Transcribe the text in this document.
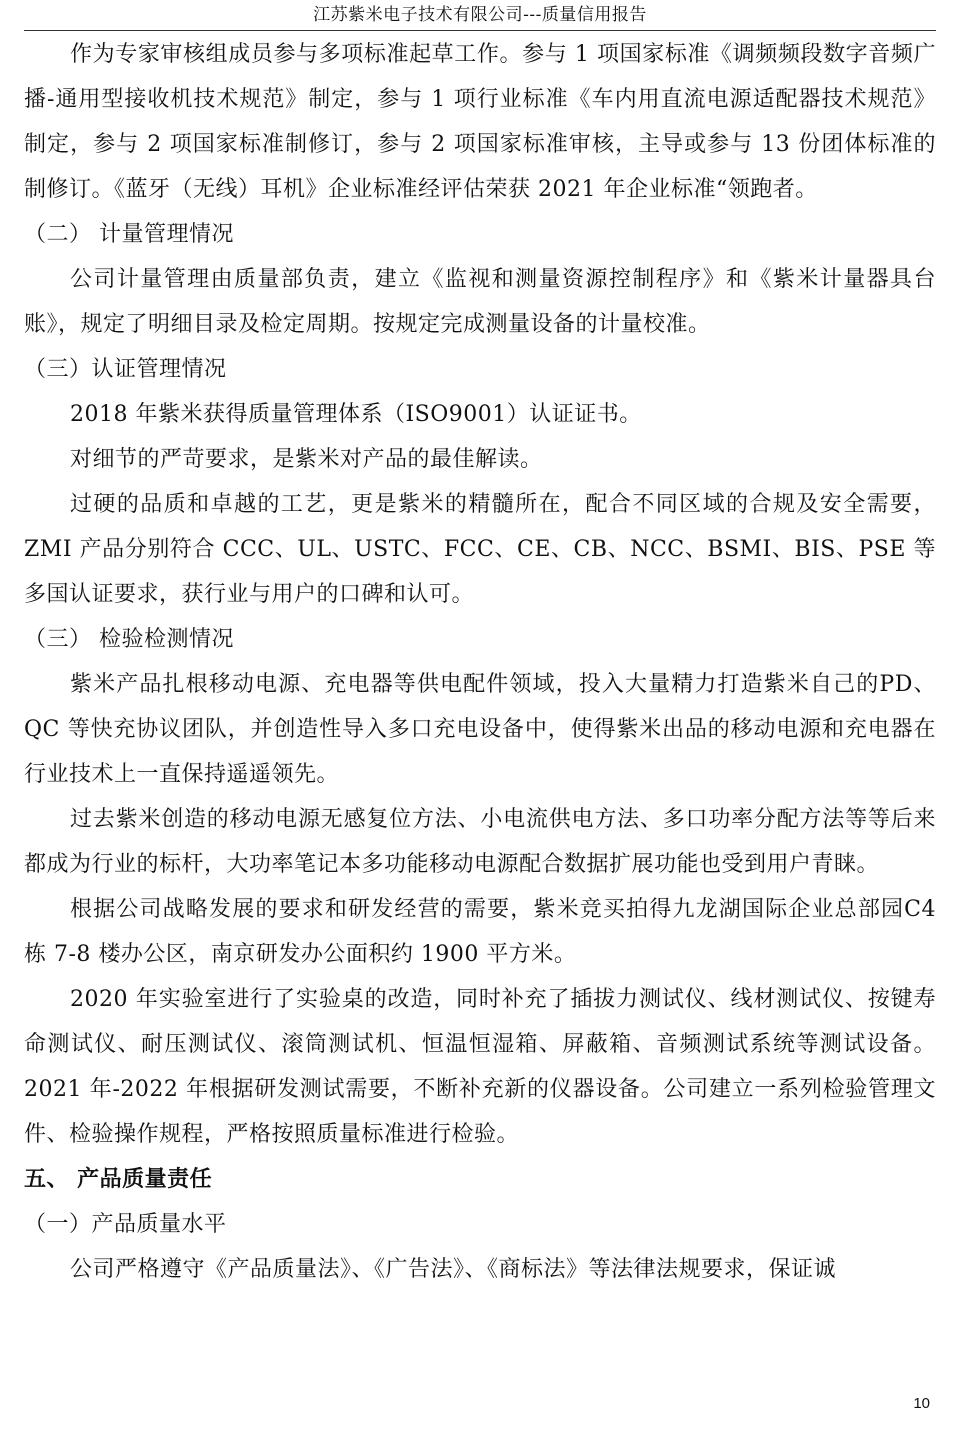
江苏紫米电子技术有限公司---质量信用报告

作为专家审核组成员参与多项标准起草工作。参与 1 项国家标准《调频频段数字音频广播-通用型接收机技术规范》制定，参与 1 项行业标准《车内用直流电源适配器技术规范》制定，参与 2 项国家标准制修订，参与 2 项国家标准审核，主导或参与 13 份团体标准的制修订。《蓝牙（无线）耳机》企业标准经评估荣获 2021 年企业标准“领跑者。

（二） 计量管理情况

公司计量管理由质量部负责，建立《监视和测量资源控制程序》和《紫米计量器具台账》，规定了明细目录及检定周期。按规定完成测量设备的计量校准。

（三）认证管理情况

2018 年紫米获得质量管理体系（ISO9001）认证证书。

对细节的严苛要求，是紫米对产品的最佳解读。

过硬的品质和卓越的工艺，更是紫米的精髓所在，配合不同区域的合规及安全需要，ZMI 产品分别符合 CCC、UL、USTC、FCC、CE、CB、NCC、BSMI、BIS、PSE 等多国认证要求，获行业与用户的口碑和认可。

（三） 检验检测情况

紫米产品扎根移动电源、充电器等供电配件领域，投入大量精力打造紫米自己的PD、QC 等快充协议团队，并创造性导入多口充电设备中，使得紫米出品的移动电源和充电器在行业技术上一直保持遥遥领先。

过去紫米创造的移动电源无感复位方法、小电流供电方法、多口功率分配方法等等后来都成为行业的标杆，大功率笔记本多功能移动电源配合数据扩展功能也受到用户青睐。

根据公司战略发展的要求和研发经营的需要，紫米竞买拍得九龙湖国际企业总部园C4 栋 7-8 楼办公区，南京研发办公面积约 1900 平方米。

2020 年实验室进行了实验桌的改造，同时补充了插拔力测试仪、线材测试仪、按键寿命测试仪、耐压测试仪、滚筒测试机、恒温恒湿箱、屏蔽箱、音频测试系统等测试设备。2021 年-2022 年根据研发测试需要，不断补充新的仪器设备。公司建立一系列检验管理文件、检验操作规程，严格按照质量标准进行检验。

五、 产品质量责任

（一）产品质量水平

公司严格遵守《产品质量法》、《广告法》、《商标法》等法律法规要求，保证诚

10
